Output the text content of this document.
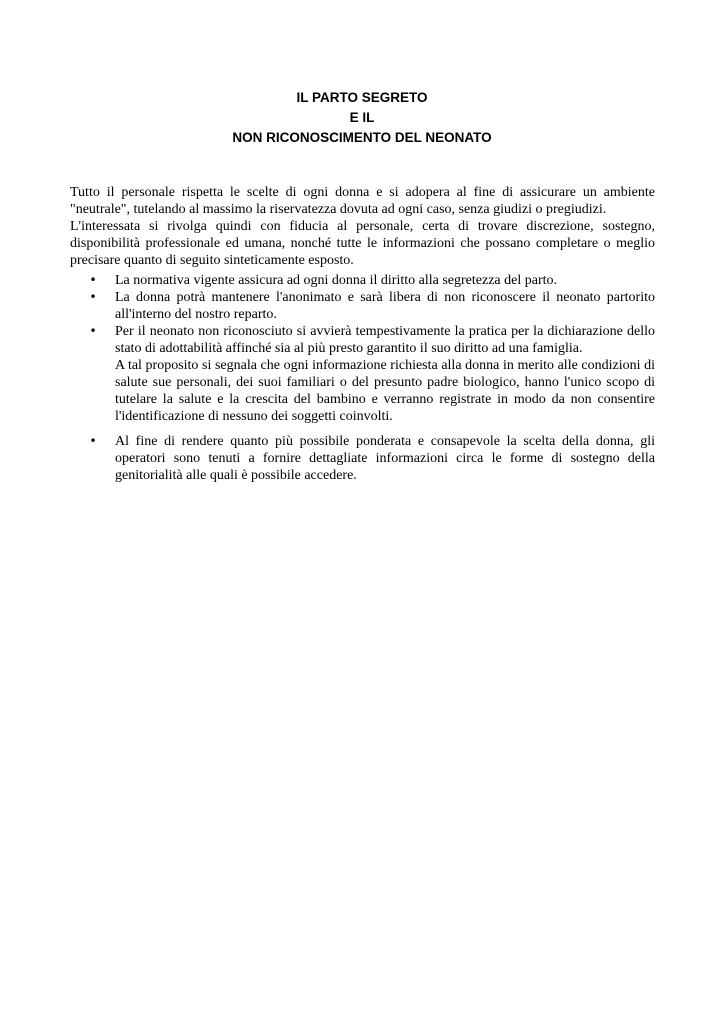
IL PARTO SEGRETO
E IL
NON RICONOSCIMENTO DEL NEONATO

Tutto il personale rispetta le scelte di ogni donna e si adopera al fine di assicurare un ambiente "neutrale", tutelando al massimo la riservatezza dovuta ad ogni caso, senza giudizi o pregiudizi.

L'interessata si rivolga quindi con fiducia al personale, certa di trovare discrezione, sostegno, disponibilità professionale ed umana, nonché tutte le informazioni che possano completare o meglio precisare quanto di seguito sinteticamente esposto.

• La normativa vigente assicura ad ogni donna il diritto alla segretezza del parto.
• La donna potrà mantenere l'anonimato e sarà libera di non riconoscere il neonato partorito all'interno del nostro reparto.
• Per il neonato non riconosciuto si avvierà tempestivamente la pratica per la dichiarazione dello stato di adottabilità affinché sia al più presto garantito il suo diritto ad una famiglia.
A tal proposito si segnala che ogni informazione richiesta alla donna in merito alle condizioni di salute sue personali, dei suoi familiari o del presunto padre biologico, hanno l'unico scopo di tutelare la salute e la crescita del bambino e verranno registrate in modo da non consentire l'identificazione di nessuno dei soggetti coinvolti.
• Al fine di rendere quanto più possibile ponderata e consapevole la scelta della donna, gli operatori sono tenuti a fornire dettagliate informazioni circa le forme di sostegno della genitorialità alle quali è possibile accedere.
